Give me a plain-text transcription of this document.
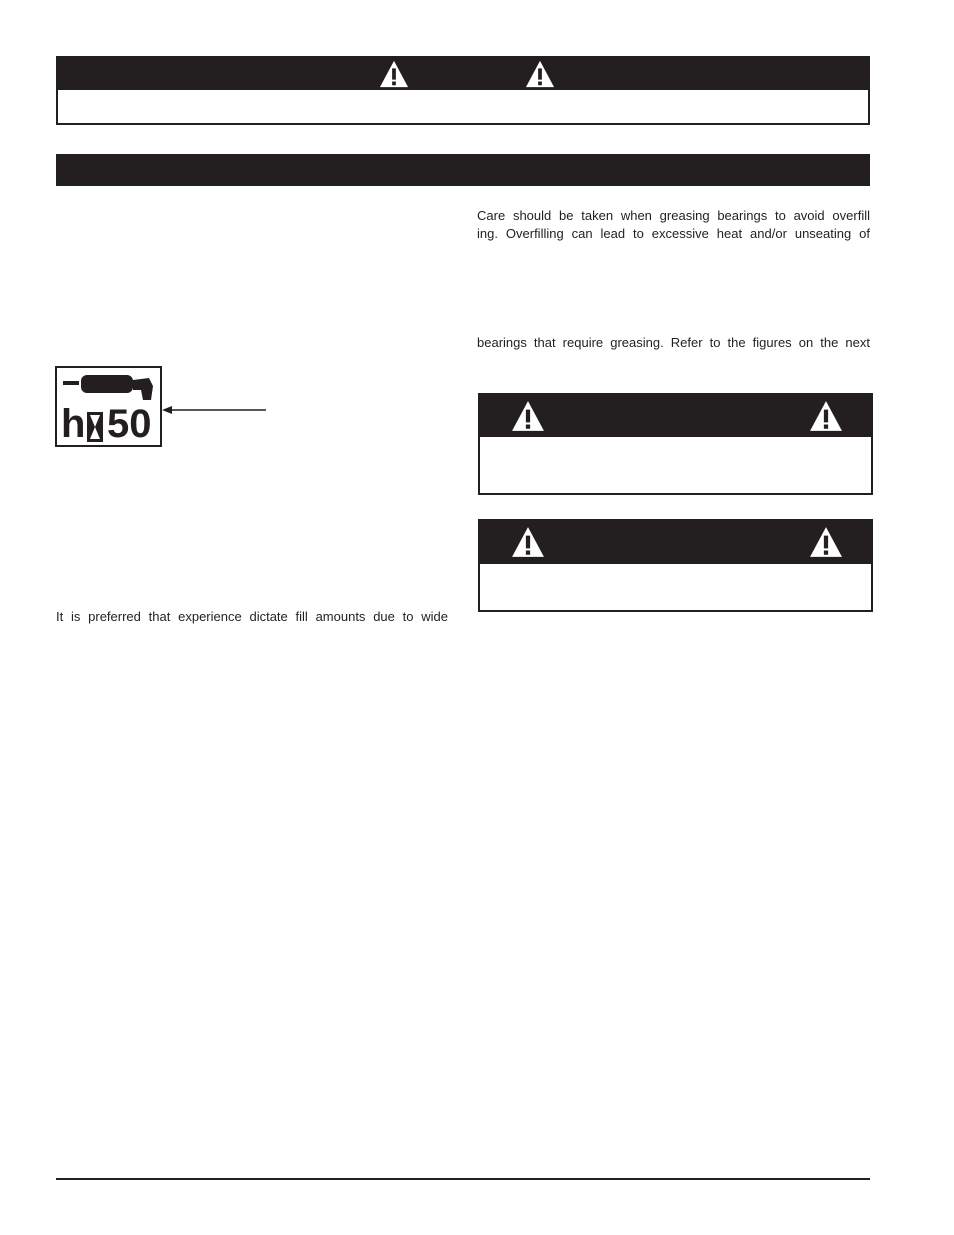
Care should be taken when greasing bearings to avoid overfill
ing. Overfilling can lead to excessive heat and/or unseating of
bearings that require greasing. Refer to the figures on the next
h 50
It is preferred that experience dictate fill amounts due to wide
